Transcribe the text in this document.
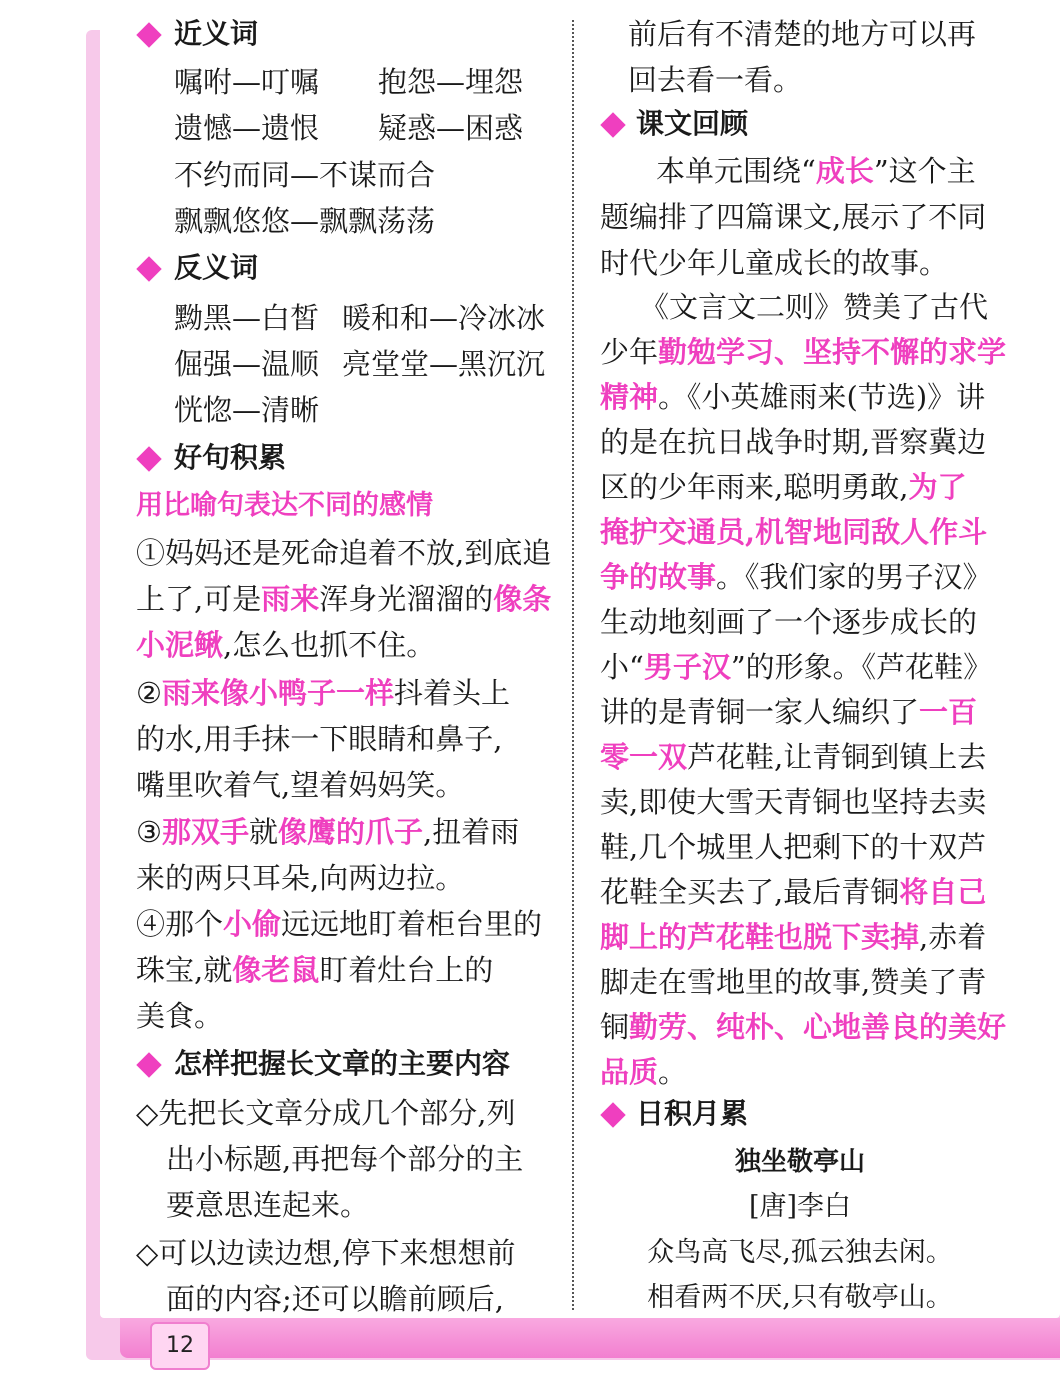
12
近义词
嘱咐—叮嘱 抱怨—埋怨
遗憾—遗恨 疑惑—困惑
不约而同—不谋而合
飘飘悠悠—飘飘荡荡
反义词
黝黑—白皙 暖和和—冷冰冰
倔强—温顺 亮堂堂—黑沉沉
恍惚—清晰
好句积累
用比喻句表达不同的感情
①妈妈还是死命追着不放,到底追
上了,可是雨来浑身光溜溜的像条
小泥鳅,怎么也抓不住。
②雨来像小鸭子一样抖着头上
的水,用手抹一下眼睛和鼻子,
嘴里吹着气,望着妈妈笑。
③那双手就像鹰的爪子,扭着雨
来的两只耳朵,向两边拉。
④那个小偷远远地盯着柜台里的
珠宝,就像老鼠盯着灶台上的
美食。
怎样把握长文章的主要内容
◇先把长文章分成几个部分,列
出小标题,再把每个部分的主
要意思连起来。
◇可以边读边想,停下来想想前
面的内容;还可以瞻前顾后,
前后有不清楚的地方可以再
回去看一看。
课文回顾
本单元围绕“成长”这个主
题编排了四篇课文,展示了不同
时代少年儿童成长的故事。
《文言文二则》赞美了古代
少年勤勉学习、坚持不懈的求学
精神。《小英雄雨来(节选)》讲
的是在抗日战争时期,晋察冀边
区的少年雨来,聪明勇敢,为了
掩护交通员,机智地同敌人作斗
争的故事。《我们家的男子汉》
生动地刻画了一个逐步成长的
小“男子汉”的形象。《芦花鞋》
讲的是青铜一家人编织了一百
零一双芦花鞋,让青铜到镇上去
卖,即使大雪天青铜也坚持去卖
鞋,几个城里人把剩下的十双芦
花鞋全买去了,最后青铜将自己
脚上的芦花鞋也脱下卖掉,赤着
脚走在雪地里的故事,赞美了青
铜勤劳、纯朴、心地善良的美好
品质。
日积月累
独坐敬亭山
[唐]李白
众鸟高飞尽,孤云独去闲。
相看两不厌,只有敬亭山。
